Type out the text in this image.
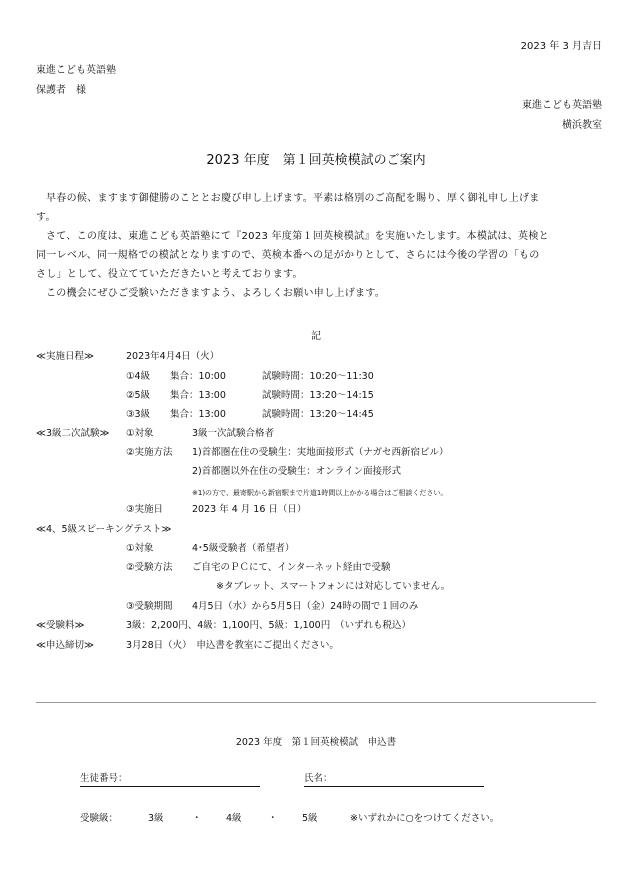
2023 年 3 月吉日
東進こども英語塾
保護者　様
東進こども英語塾
横浜教室
2023 年度　第１回英検模試のご案内
早春の候、ますます御健勝のこととお慶び申し上げます。平素は格別のご高配を賜り、厚く御礼申し上げま
す。
さて、この度は、東進こども英語塾にて『2023 年度第１回英検模試』を実施いたします。本模試は、英検と
同一レベル、同一規格での模試となりますので、英検本番への足がかりとして、さらには今後の学習の「もの
さし」として、役立てていただきたいと考えております。
この機会にぜひご受験いただきますよう、よろしくお願い申し上げます。
記
≪実施日程≫	2023年4月4日（火）
①4級 集合：10:00	試験時間：10:20～11:30
②5級 集合：13:00	試験時間：13:20～14:15
③3級 集合：13:00	試験時間：13:20～14:45
≪3級二次試験≫ ①対象	3級一次試験合格者
②実施方法 1)首都圏在住の受験生：実地面接形式（ナガセ西新宿ビル）
2)首都圏以外在住の受験生：オンライン面接形式
※1)の方で、最寄駅から新宿駅まで片道1時間以上かかる場合はご相談ください。
③実施日	2023 年 4 月 16 日（日）
≪4、5級スピーキングテスト≫
①対象	4･5級受験者（希望者）
②受験方法 ご自宅のＰＣにて、インターネット経由で受験
※タブレット、スマートフォンには対応していません。
③受験期間 4月5日（水）から5月5日（金）24時の間で１回のみ
≪受験料≫	3級：2,200円、4級：1,100円、5級：1,100円　（いずれも税込）
≪申込締切≫	3月28日（火）　申込書を教室にご提出ください。
2023 年度　第１回英検模試　申込書
生徒番号：	氏名：
受験級：	3級	・	4級	・	5級	※いずれかに○をつけてください。
